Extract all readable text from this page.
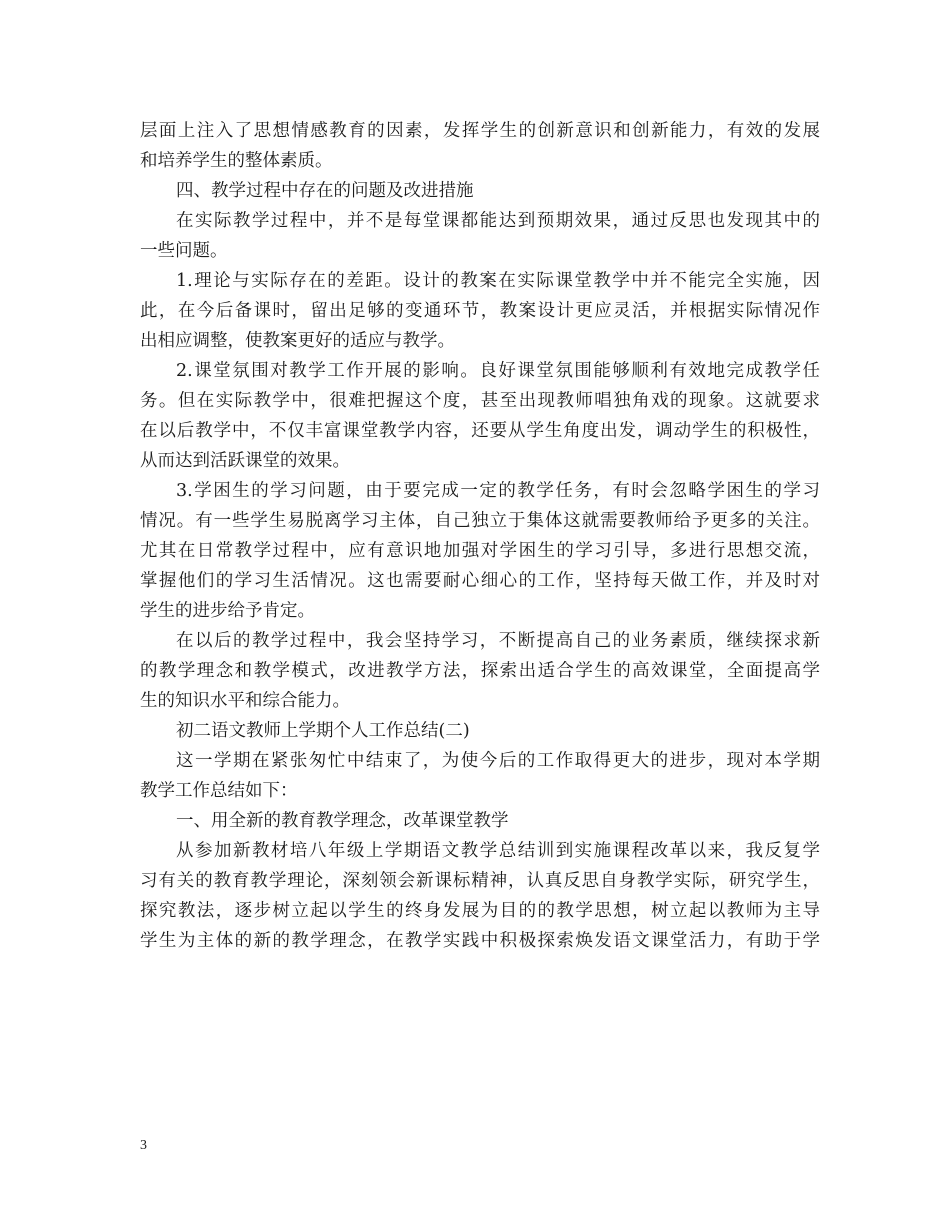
层面上注入了思想情感教育的因素，发挥学生的创新意识和创新能力，有效的发展
和培养学生的整体素质。
四、教学过程中存在的问题及改进措施
在实际教学过程中，并不是每堂课都能达到预期效果，通过反思也发现其中的
一些问题。
1.理论与实际存在的差距。设计的教案在实际课堂教学中并不能完全实施，因
此，在今后备课时，留出足够的变通环节，教案设计更应灵活，并根据实际情况作
出相应调整，使教案更好的适应与教学。
2.课堂氛围对教学工作开展的影响。良好课堂氛围能够顺利有效地完成教学任
务。但在实际教学中，很难把握这个度，甚至出现教师唱独角戏的现象。这就要求
在以后教学中，不仅丰富课堂教学内容，还要从学生角度出发，调动学生的积极性，
从而达到活跃课堂的效果。
3.学困生的学习问题，由于要完成一定的教学任务，有时会忽略学困生的学习
情况。有一些学生易脱离学习主体，自己独立于集体这就需要教师给予更多的关注。
尤其在日常教学过程中，应有意识地加强对学困生的学习引导，多进行思想交流，
掌握他们的学习生活情况。这也需要耐心细心的工作，坚持每天做工作，并及时对
学生的进步给予肯定。
在以后的教学过程中，我会坚持学习，不断提高自己的业务素质，继续探求新
的教学理念和教学模式，改进教学方法，探索出适合学生的高效课堂，全面提高学
生的知识水平和综合能力。
初二语文教师上学期个人工作总结(二)
这一学期在紧张匆忙中结束了，为使今后的工作取得更大的进步，现对本学期
教学工作总结如下：
一、用全新的教育教学理念，改革课堂教学
从参加新教材培八年级上学期语文教学总结训到实施课程改革以来，我反复学
习有关的教育教学理论，深刻领会新课标精神，认真反思自身教学实际，研究学生，
探究教法，逐步树立起以学生的终身发展为目的的教学思想，树立起以教师为主导
学生为主体的新的教学理念，在教学实践中积极探索焕发语文课堂活力，有助于学
3
